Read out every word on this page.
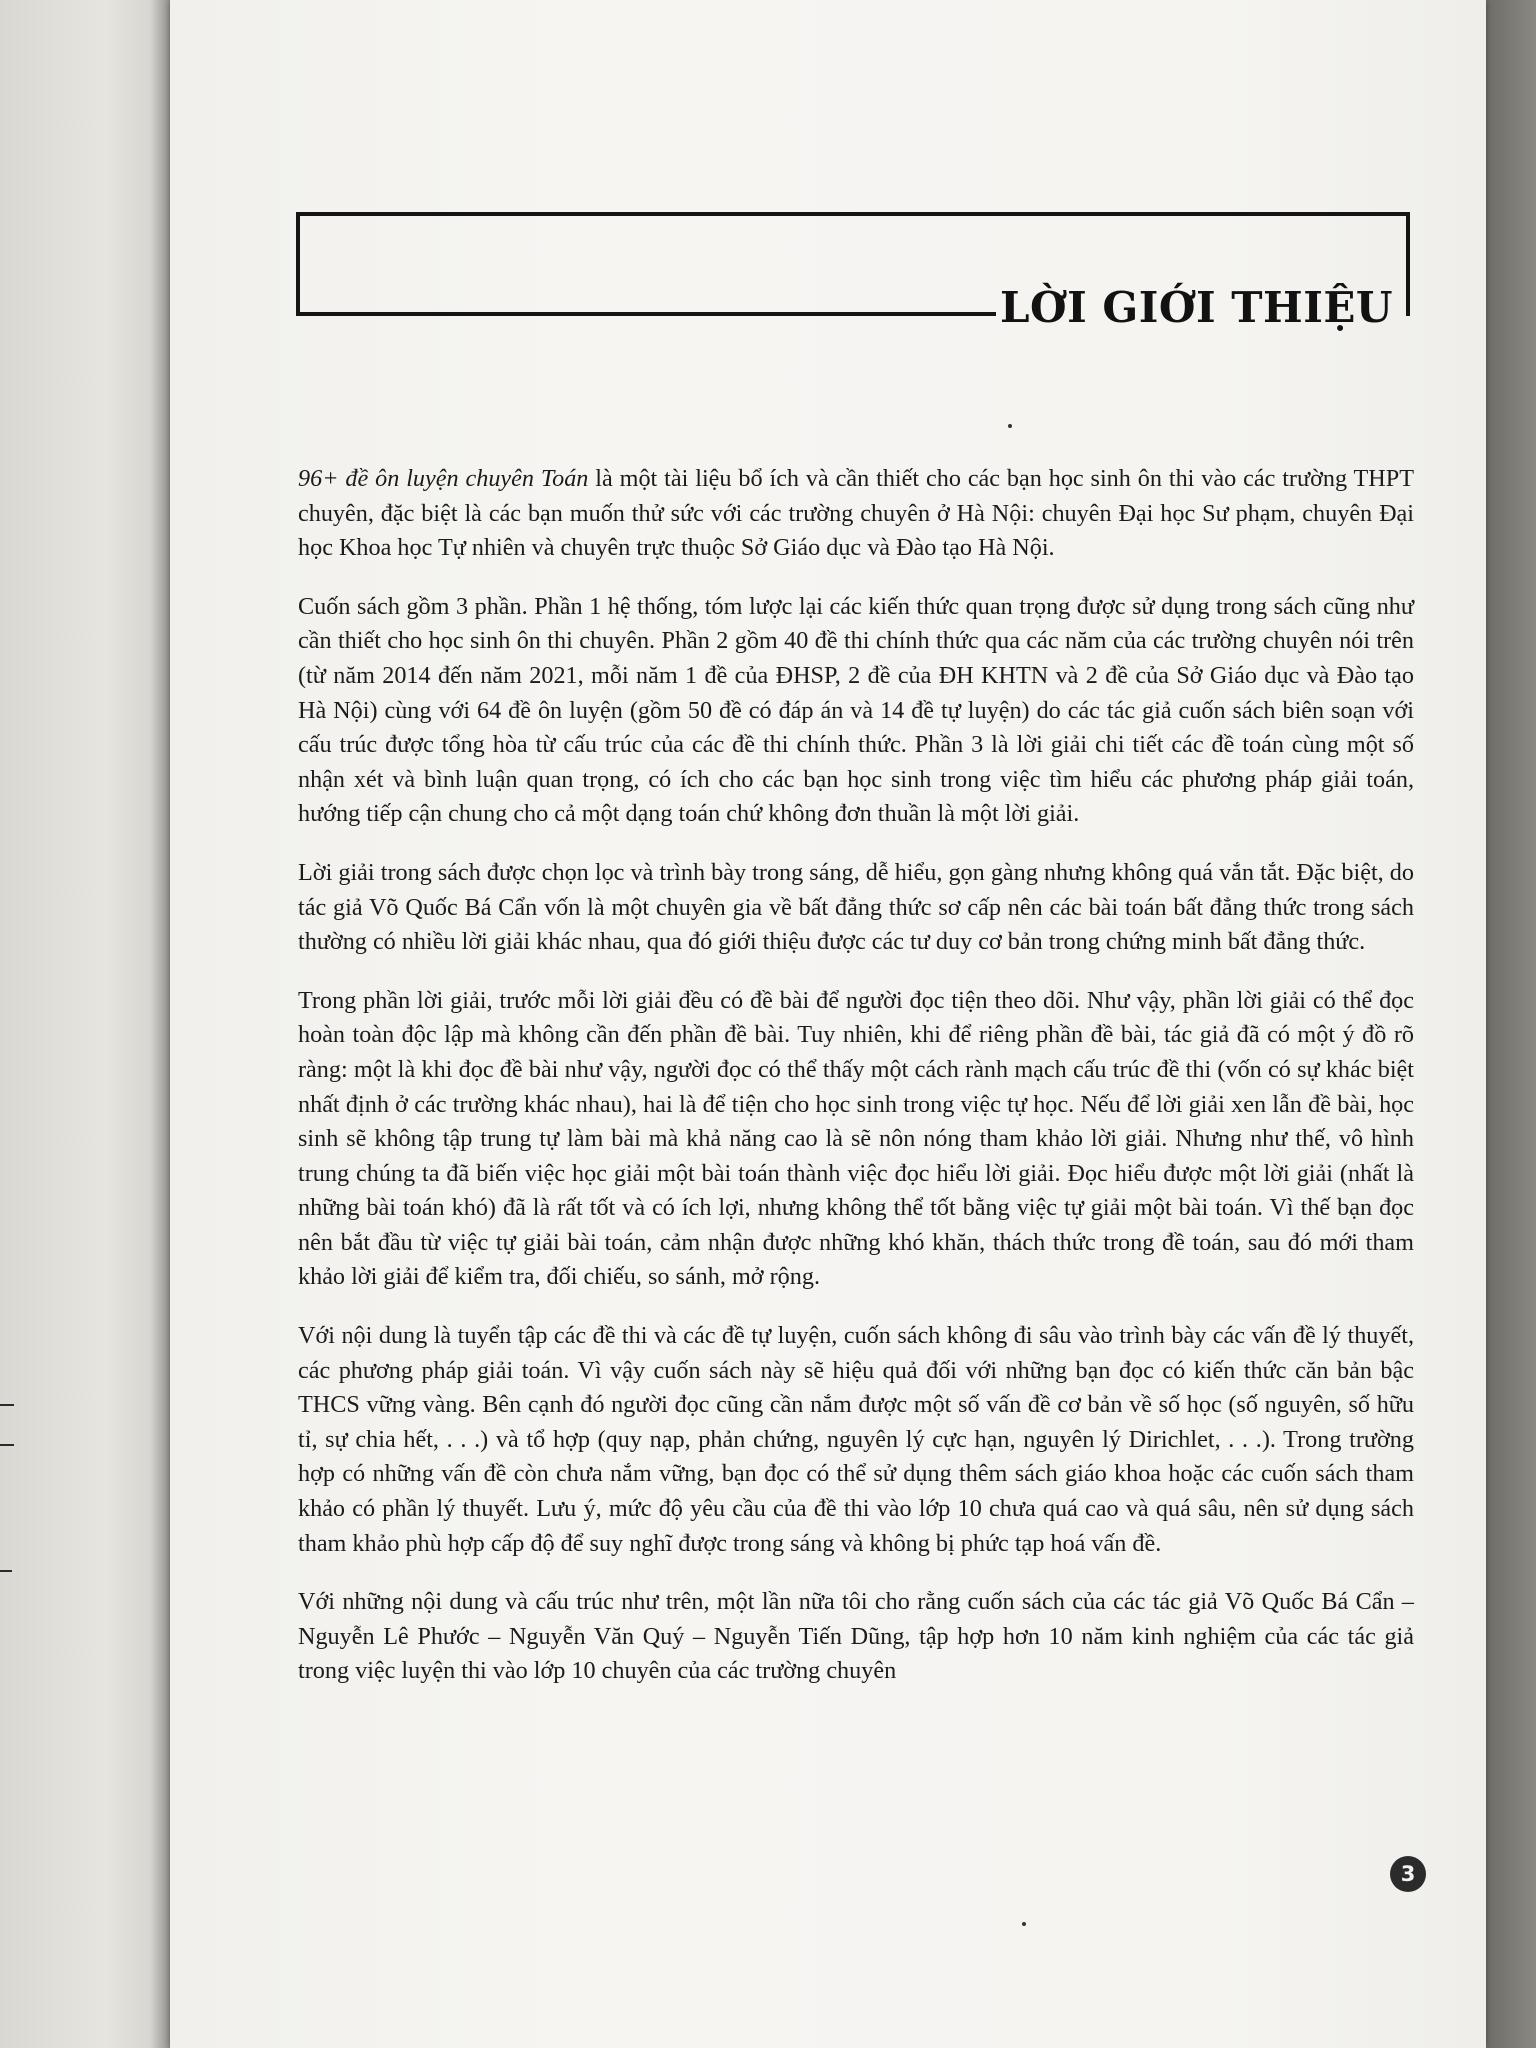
LỜI GIỚI THIỆU

96+ đề ôn luyện chuyên Toán là một tài liệu bổ ích và cần thiết cho các bạn học sinh ôn thi vào các trường THPT chuyên, đặc biệt là các bạn muốn thử sức với các trường chuyên ở Hà Nội: chuyên Đại học Sư phạm, chuyên Đại học Khoa học Tự nhiên và chuyên trực thuộc Sở Giáo dục và Đào tạo Hà Nội.

Cuốn sách gồm 3 phần. Phần 1 hệ thống, tóm lược lại các kiến thức quan trọng được sử dụng trong sách cũng như cần thiết cho học sinh ôn thi chuyên. Phần 2 gồm 40 đề thi chính thức qua các năm của các trường chuyên nói trên (từ năm 2014 đến năm 2021, mỗi năm 1 đề của ĐHSP, 2 đề của ĐH KHTN và 2 đề của Sở Giáo dục và Đào tạo Hà Nội) cùng với 64 đề ôn luyện (gồm 50 đề có đáp án và 14 đề tự luyện) do các tác giả cuốn sách biên soạn với cấu trúc được tổng hòa từ cấu trúc của các đề thi chính thức. Phần 3 là lời giải chi tiết các đề toán cùng một số nhận xét và bình luận quan trọng, có ích cho các bạn học sinh trong việc tìm hiểu các phương pháp giải toán, hướng tiếp cận chung cho cả một dạng toán chứ không đơn thuần là một lời giải.

Lời giải trong sách được chọn lọc và trình bày trong sáng, dễ hiểu, gọn gàng nhưng không quá vắn tắt. Đặc biệt, do tác giả Võ Quốc Bá Cẩn vốn là một chuyên gia về bất đẳng thức sơ cấp nên các bài toán bất đẳng thức trong sách thường có nhiều lời giải khác nhau, qua đó giới thiệu được các tư duy cơ bản trong chứng minh bất đẳng thức.

Trong phần lời giải, trước mỗi lời giải đều có đề bài để người đọc tiện theo dõi. Như vậy, phần lời giải có thể đọc hoàn toàn độc lập mà không cần đến phần đề bài. Tuy nhiên, khi để riêng phần đề bài, tác giả đã có một ý đồ rõ ràng: một là khi đọc đề bài như vậy, người đọc có thể thấy một cách rành mạch cấu trúc đề thi (vốn có sự khác biệt nhất định ở các trường khác nhau), hai là để tiện cho học sinh trong việc tự học. Nếu để lời giải xen lẫn đề bài, học sinh sẽ không tập trung tự làm bài mà khả năng cao là sẽ nôn nóng tham khảo lời giải. Nhưng như thế, vô hình trung chúng ta đã biến việc học giải một bài toán thành việc đọc hiểu lời giải. Đọc hiểu được một lời giải (nhất là những bài toán khó) đã là rất tốt và có ích lợi, nhưng không thể tốt bằng việc tự giải một bài toán. Vì thế bạn đọc nên bắt đầu từ việc tự giải bài toán, cảm nhận được những khó khăn, thách thức trong đề toán, sau đó mới tham khảo lời giải để kiểm tra, đối chiếu, so sánh, mở rộng.

Với nội dung là tuyển tập các đề thi và các đề tự luyện, cuốn sách không đi sâu vào trình bày các vấn đề lý thuyết, các phương pháp giải toán. Vì vậy cuốn sách này sẽ hiệu quả đối với những bạn đọc có kiến thức căn bản bậc THCS vững vàng. Bên cạnh đó người đọc cũng cần nắm được một số vấn đề cơ bản về số học (số nguyên, số hữu tỉ, sự chia hết, . . .) và tổ hợp (quy nạp, phản chứng, nguyên lý cực hạn, nguyên lý Dirichlet, . . .). Trong trường hợp có những vấn đề còn chưa nắm vững, bạn đọc có thể sử dụng thêm sách giáo khoa hoặc các cuốn sách tham khảo có phần lý thuyết. Lưu ý, mức độ yêu cầu của đề thi vào lớp 10 chưa quá cao và quá sâu, nên sử dụng sách tham khảo phù hợp cấp độ để suy nghĩ được trong sáng và không bị phức tạp hoá vấn đề.

Với những nội dung và cấu trúc như trên, một lần nữa tôi cho rằng cuốn sách của các tác giả Võ Quốc Bá Cẩn – Nguyễn Lê Phước – Nguyễn Văn Quý – Nguyễn Tiến Dũng, tập hợp hơn 10 năm kinh nghiệm của các tác giả trong việc luyện thi vào lớp 10 chuyên của các trường chuyên

3
